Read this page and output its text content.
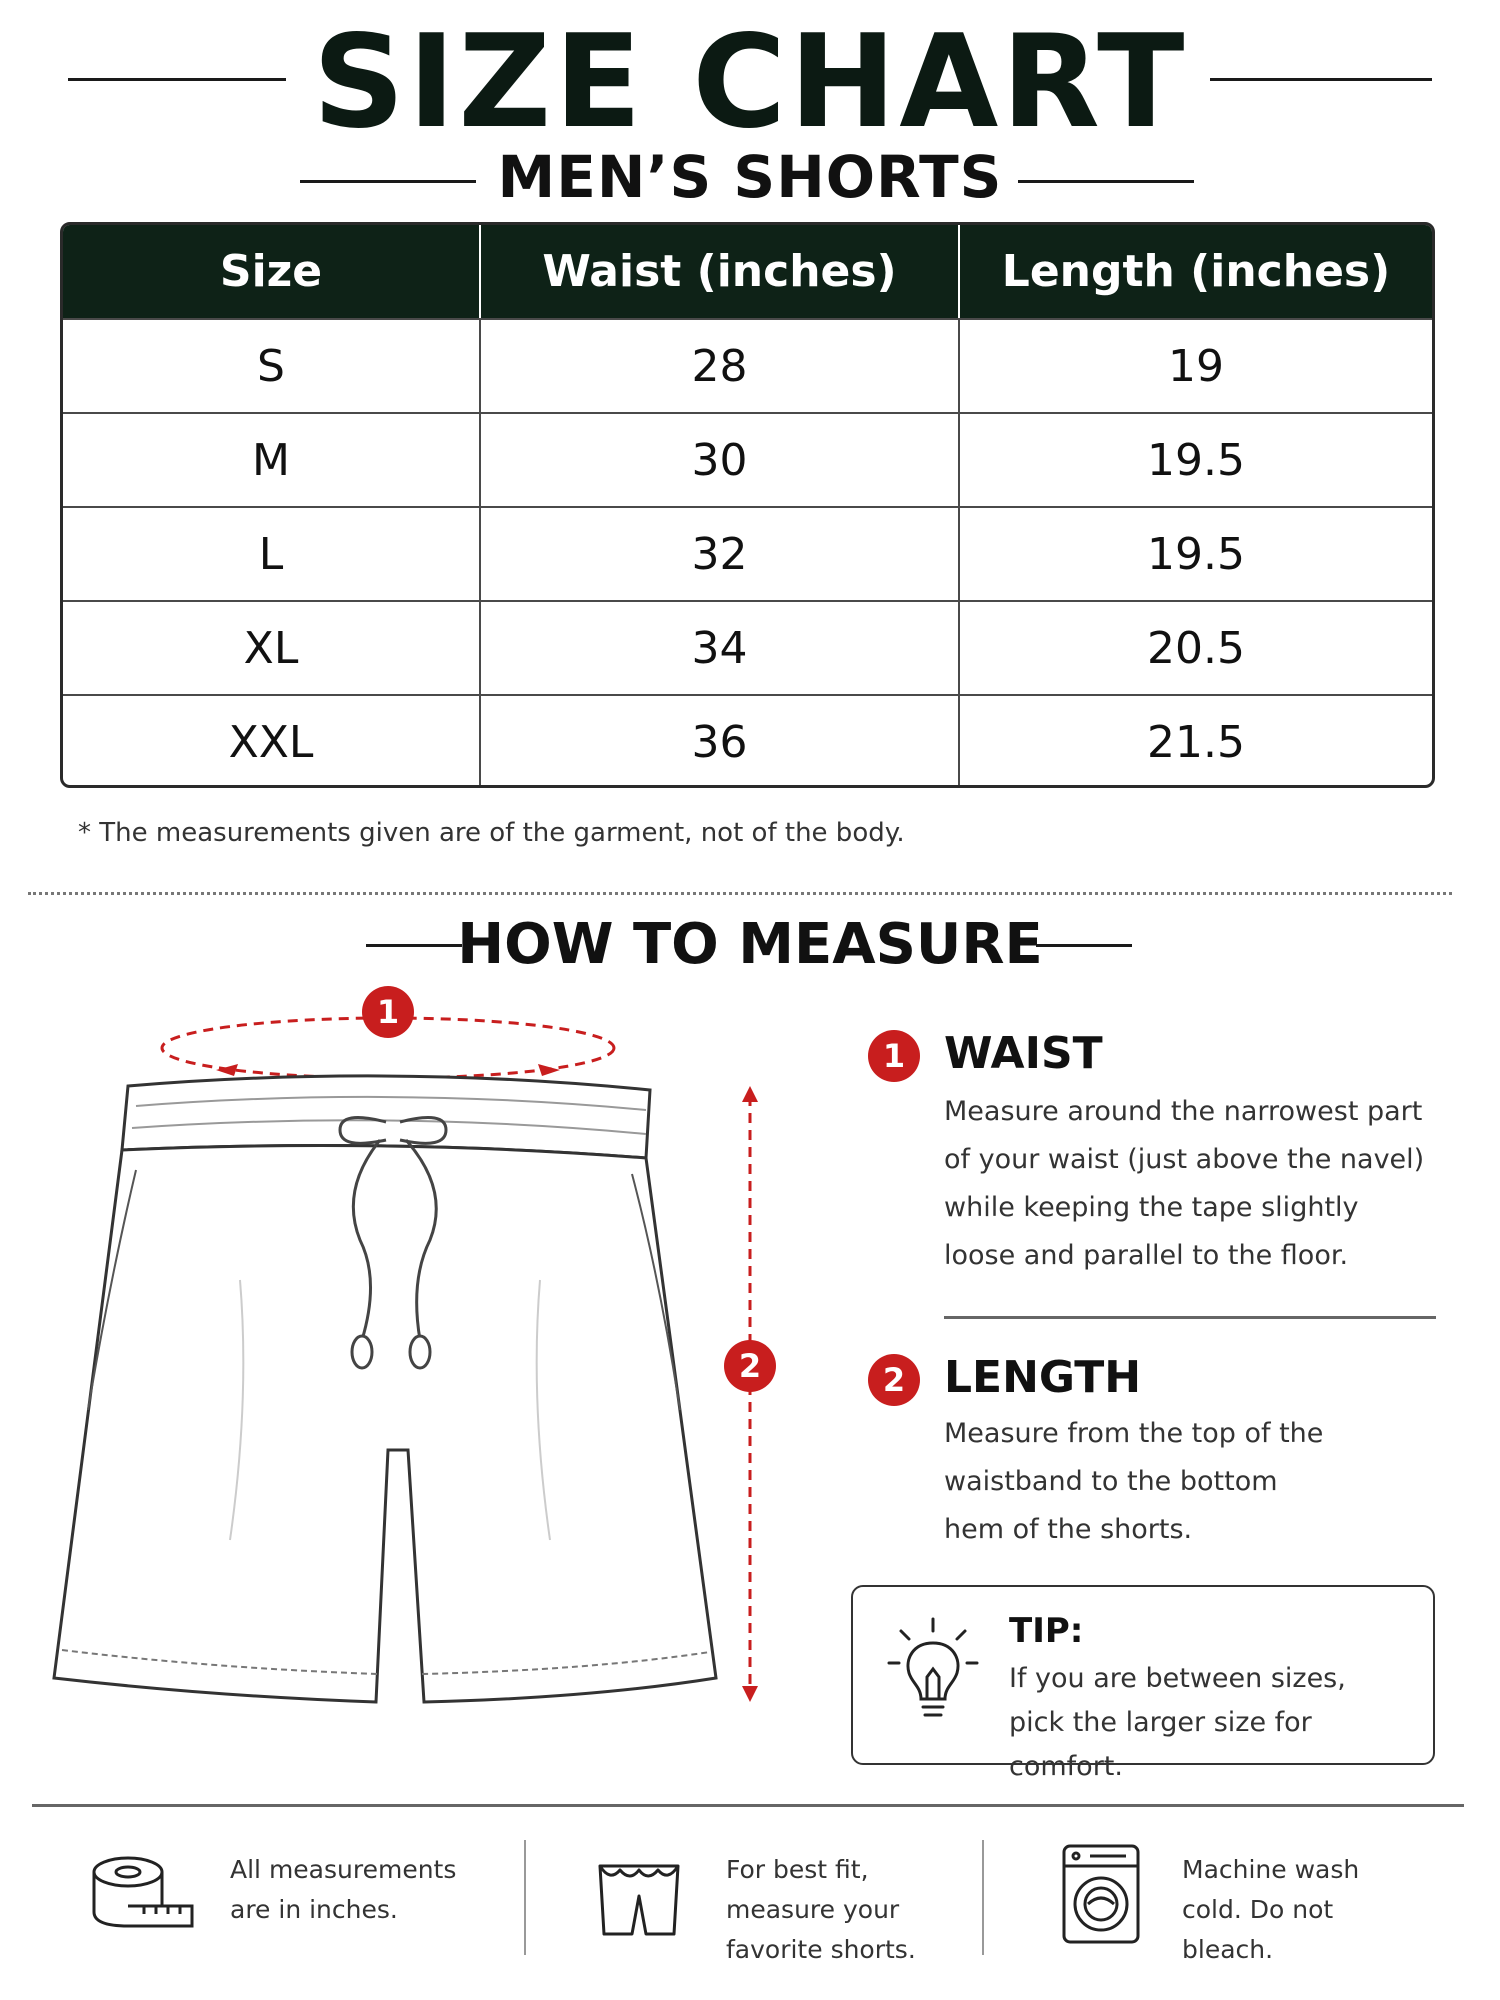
SIZE CHART
MEN’S SHORTS
Size	Waist (inches)	Length (inches)
S	28	19
M	30	19.5
L	32	19.5
XL	34	20.5
XXL	36	21.5
* The measurements given are of the garment, not of the body.
HOW TO MEASURE
1
2
1 WAIST
Measure around the narrowest part
of your waist (just above the navel)
while keeping the tape slightly
loose and parallel to the floor.
2 LENGTH
Measure from the top of the
waistband to the bottom
hem of the shorts.
TIP:
If you are between sizes,
pick the larger size for comfort.
All measurements
are in inches.
For best fit,
measure your
favorite shorts.
Machine wash
cold. Do not
bleach.
